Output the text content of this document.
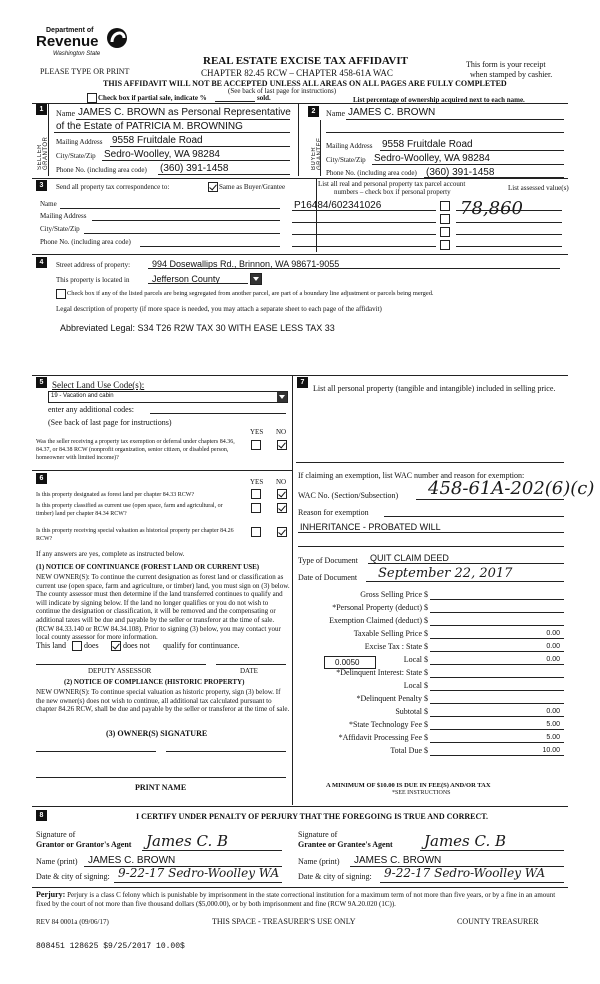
Department of
Revenue
Washington State
PLEASE TYPE OR PRINT
REAL ESTATE EXCISE TAX AFFIDAVIT
CHAPTER 82.45 RCW – CHAPTER 458-61A WAC
This form is your receipt
when stamped by cashier.
THIS AFFIDAVIT WILL NOT BE ACCEPTED UNLESS ALL AREAS ON ALL PAGES ARE FULLY COMPLETED
(See back of last page for instructions)
Check box if partial sale, indicate %	sold.	List percentage of ownership acquired next to each name.
1
SELLER GRANTOR
Name JAMES C. BROWN as Personal Representative
of the Estate of PATRICIA M. BROWNING
Mailing Address 9558 Fruitdale Road
City/State/Zip Sedro-Woolley, WA 98284
Phone No. (including area code) (360) 391-1458
2
BUYER GRANTEE
Name JAMES C. BROWN
Mailing Address 9558 Fruitdale Road
City/State/Zip Sedro-Woolley, WA 98284
Phone No. (including area code) (360) 391-1458
3	Send all property tax correspondence to:	Same as Buyer/Grantee	List all real and personal property tax parcel account
numbers – check box if personal property	List assessed value(s)
Name
Mailing Address
City/State/Zip
Phone No. (including area code)
P16484/602341026	78,860
4	Street address of property: 994 Dosewallips Rd., Brinnon, WA 98671-9055
This property is located in	Jefferson County
Check box if any of the listed parcels are being segregated from another parcel, are part of a boundary line adjustment or parcels being merged.
Legal description of property (if more space is needed, you may attach a separate sheet to each page of the affidavit)
Abbreviated Legal: S34 T26 R2W TAX 30 WITH EASE LESS TAX 33
5 Select Land Use Code(s):
19 - Vacation and cabin
enter any additional codes:
(See back of last page for instructions)
YES NO
Was the seller receiving a property tax exemption or deferral under chapters 84.36, 84.37, or 84.38 RCW (nonprofit organization, senior citizen, or disabled person, homeowner with limited income)?
7
List all personal property (tangible and intangible) included in selling price.
If claiming an exemption, list WAC number and reason for exemption:
WAC No. (Section/Subsection) 458-61A-202(6)(c)
Reason for exemption
INHERITANCE - PROBATED WILL
Type of Document QUIT CLAIM DEED
Date of Document September 22, 2017
Gross Selling Price $
*Personal Property (deduct) $
Exemption Claimed (deduct) $
Taxable Selling Price $	0.00
Excise Tax : State $	0.00
Local $	0.00
*Delinquent Interest: State $
Local $
*Delinquent Penalty $
Subtotal $	0.00
*State Technology Fee $	5.00
*Affidavit Processing Fee $	5.00
Total Due $	10.00
0.0050
A MINIMUM OF $10.00 IS DUE IN FEE(S) AND/OR TAX
*SEE INSTRUCTIONS
6	YES NO
Is this property designated as forest land per chapter 84.33 RCW?
Is this property classified as current use (open space, farm and agricultural, or timber) land per chapter 84.34 RCW?
Is this property receiving special valuation as historical property per chapter 84.26 RCW?
If any answers are yes, complete as instructed below.
(1) NOTICE OF CONTINUANCE (FOREST LAND OR CURRENT USE)
NEW OWNER(S): To continue the current designation as forest land or classification as current use (open space, farm and agriculture, or timber) land, you must sign on (3) below. The county assessor must then determine if the land transferred continues to qualify and will indicate by signing below. If the land no longer qualifies or you do not wish to continue the designation or classification, it will be removed and the compensating or additional taxes will be due and payable by the seller or transferor at the time of sale. (RCW 84.33.140 or RCW 84.34.108). Prior to signing (3) below, you may contact your local county assessor for more information.
This land does	does not qualify for continuance.
DEPUTY ASSESSOR	DATE
(2) NOTICE OF COMPLIANCE (HISTORIC PROPERTY)
NEW OWNER(S): To continue special valuation as historic property, sign (3) below. If the new owner(s) does not wish to continue, all additional tax calculated pursuant to chapter 84.26 RCW, shall be due and payable by the seller or transferor at the time of sale.
(3) OWNER(S) SIGNATURE
PRINT NAME
8	I CERTIFY UNDER PENALTY OF PERJURY THAT THE FOREGOING IS TRUE AND CORRECT.
Signature of
Grantor or Grantor's Agent James C. B
Name (print) JAMES C. BROWN
Date & city of signing: 9-22-17 Sedro-Woolley WA
Signature of
Grantee or Grantee's Agent James C. B
Name (print) JAMES C. BROWN
Date & city of signing: 9-22-17 Sedro-Woolley WA
Perjury: Perjury is a class C felony which is punishable by imprisonment in the state correctional institution for a maximum term of not more than five years, or by a fine in an amount fixed by the court of not more than five thousand dollars ($5,000.00), or by both imprisonment and fine (RCW 9A.20.020 (1C)).
REV 84 0001a (09/06/17)	THIS SPACE - TREASURER'S USE ONLY	COUNTY TREASURER
808451 128625 $9/25/2017 10.00$
